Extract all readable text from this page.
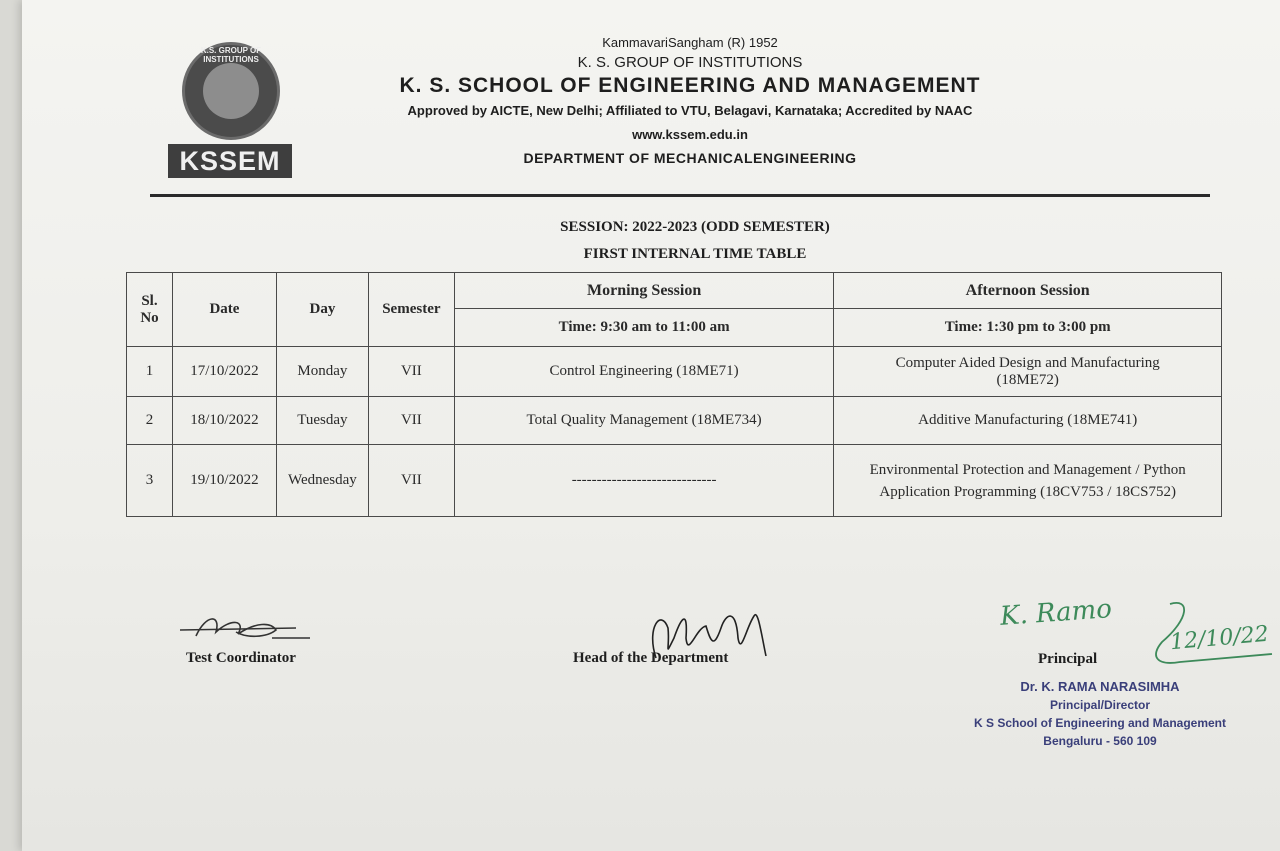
K.S. GROUP OF INSTITUTIONS
KSSEM
KammavariSangham (R) 1952
K. S. GROUP OF INSTITUTIONS
K. S. SCHOOL OF ENGINEERING AND MANAGEMENT
Approved by AICTE, New Delhi; Affiliated to VTU, Belagavi, Karnataka; Accredited by NAAC
www.kssem.edu.in
DEPARTMENT OF MECHANICALENGINEERING
SESSION: 2022-2023 (ODD SEMESTER)
FIRST INTERNAL TIME TABLE
Sl. No	Date	Day	Semester	Morning Session	Afternoon Session
				Time: 9:30 am to 11:00 am	Time: 1:30 pm to 3:00 pm
1	17/10/2022	Monday	VII	Control Engineering (18ME71)	Computer Aided Design and Manufacturing (18ME72)
2	18/10/2022	Tuesday	VII	Total Quality Management (18ME734)	Additive Manufacturing (18ME741)
3	19/10/2022	Wednesday	VII	-----------------------------	Environmental Protection and Management / Python Application Programming (18CV753 / 18CS752)
Test Coordinator	Head of the Department	Principal
K. Ramo
12/10/22
Dr. K. RAMA NARASIMHA
Principal/Director
K S School of Engineering and Management
Bengaluru - 560 109
